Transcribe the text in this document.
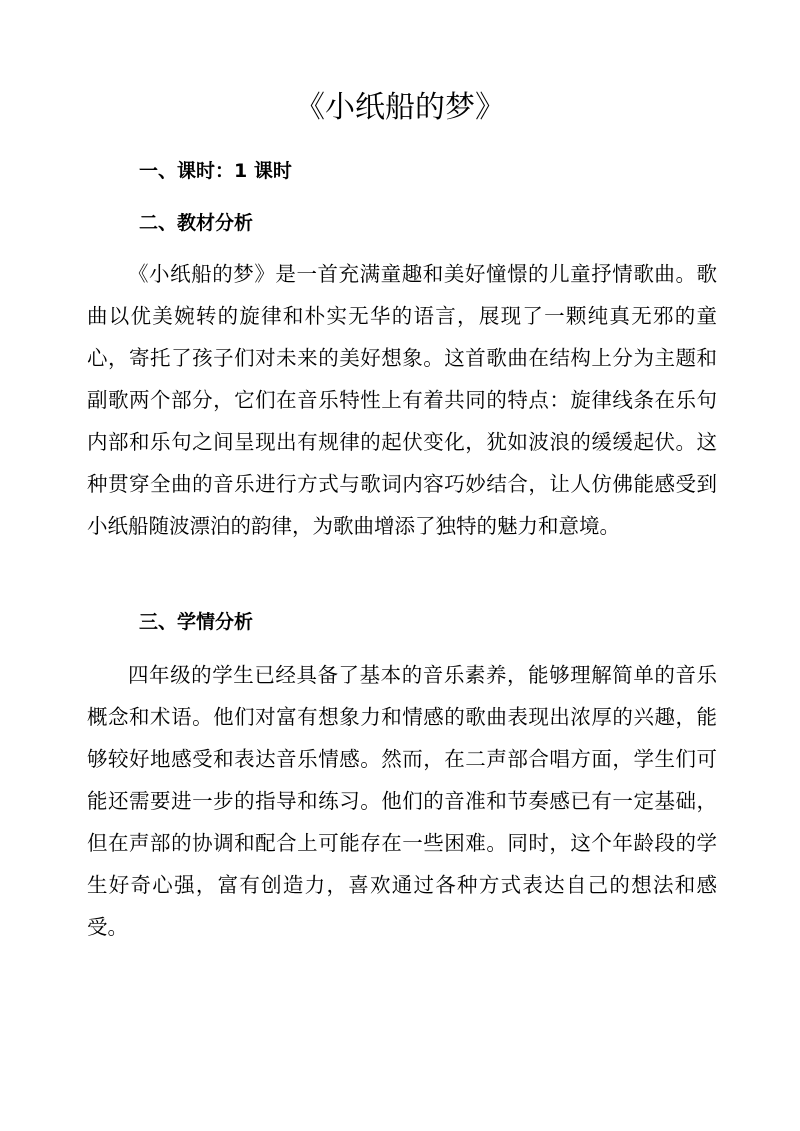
《小纸船的梦》
一、课时：1 课时
二、教材分析

《小纸船的梦》是一首充满童趣和美好憧憬的儿童抒情歌曲。歌曲以优美婉转的旋律和朴实无华的语言，展现了一颗纯真无邪的童心，寄托了孩子们对未来的美好想象。这首歌曲在结构上分为主题和副歌两个部分，它们在音乐特性上有着共同的特点：旋律线条在乐句内部和乐句之间呈现出有规律的起伏变化，犹如波浪的缓缓起伏。这种贯穿全曲的音乐进行方式与歌词内容巧妙结合，让人仿佛能感受到小纸船随波漂泊的韵律，为歌曲增添了独特的魅力和意境。

三、学情分析

四年级的学生已经具备了基本的音乐素养，能够理解简单的音乐概念和术语。他们对富有想象力和情感的歌曲表现出浓厚的兴趣，能够较好地感受和表达音乐情感。然而，在二声部合唱方面，学生们可能还需要进一步的指导和练习。他们的音准和节奏感已有一定基础，但在声部的协调和配合上可能存在一些困难。同时，这个年龄段的学生好奇心强，富有创造力，喜欢通过各种方式表达自己的想法和感受。
